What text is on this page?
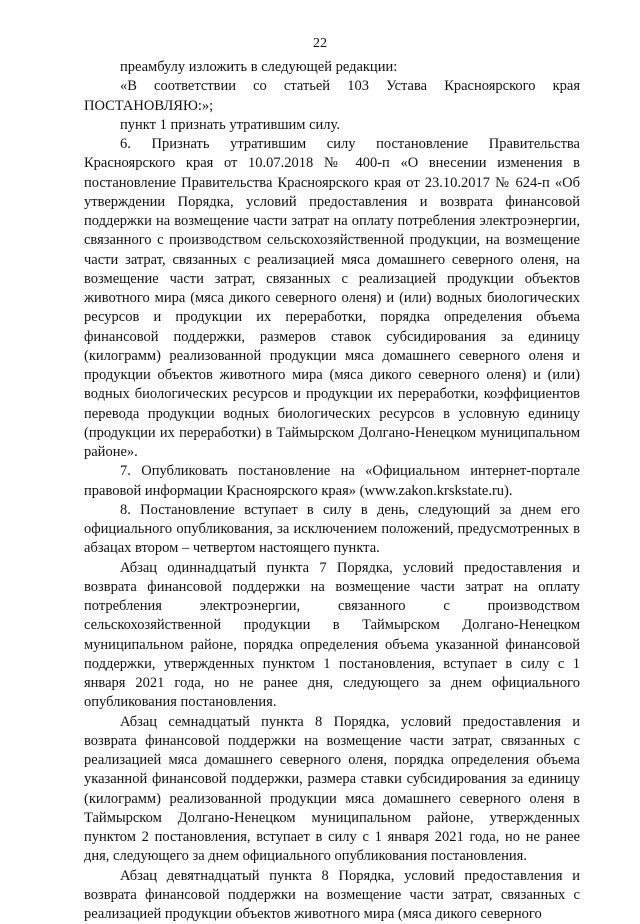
22

преамбулу изложить в следующей редакции:

«В соответствии со статьей 103 Устава Красноярского края ПОСТАНОВЛЯЮ:»;

пункт 1 признать утратившим силу.

6. Признать утратившим силу постановление Правительства Красноярского края от 10.07.2018 № 400-п «О внесении изменения в постановление Правительства Красноярского края от 23.10.2017 № 624-п «Об утверждении Порядка, условий предоставления и возврата финансовой поддержки на возмещение части затрат на оплату потребления электроэнергии, связанного с производством сельскохозяйственной продукции, на возмещение части затрат, связанных с реализацией мяса домашнего северного оленя, на возмещение части затрат, связанных с реализацией продукции объектов животного мира (мяса дикого северного оленя) и (или) водных биологических ресурсов и продукции их переработки, порядка определения объема финансовой поддержки, размеров ставок субсидирования за единицу (килограмм) реализованной продукции мяса домашнего северного оленя и продукции объектов животного мира (мяса дикого северного оленя) и (или) водных биологических ресурсов и продукции их переработки, коэффициентов перевода продукции водных биологических ресурсов в условную единицу (продукции их переработки) в Таймырском Долгано-Ненецком муниципальном районе».

7. Опубликовать постановление на «Официальном интернет-портале правовой информации Красноярского края» (www.zakon.krskstate.ru).

8. Постановление вступает в силу в день, следующий за днем его официального опубликования, за исключением положений, предусмотренных в абзацах втором – четвертом настоящего пункта.

Абзац одиннадцатый пункта 7 Порядка, условий предоставления и возврата финансовой поддержки на возмещение части затрат на оплату потребления электроэнергии, связанного с производством сельскохозяйственной продукции в Таймырском Долгано-Ненецком муниципальном районе, порядка определения объема указанной финансовой поддержки, утвержденных пунктом 1 постановления, вступает в силу с 1 января 2021 года, но не ранее дня, следующего за днем официального опубликования постановления.

Абзац семнадцатый пункта 8 Порядка, условий предоставления и возврата финансовой поддержки на возмещение части затрат, связанных с реализацией мяса домашнего северного оленя, порядка определения объема указанной финансовой поддержки, размера ставки субсидирования за единицу (килограмм) реализованной продукции мяса домашнего северного оленя в Таймырском Долгано-Ненецком муниципальном районе, утвержденных пунктом 2 постановления, вступает в силу с 1 января 2021 года, но не ранее дня, следующего за днем официального опубликования постановления.

Абзац девятнадцатый пункта 8 Порядка, условий предоставления и возврата финансовой поддержки на возмещение части затрат, связанных с реализацией продукции объектов животного мира (мяса дикого северного
